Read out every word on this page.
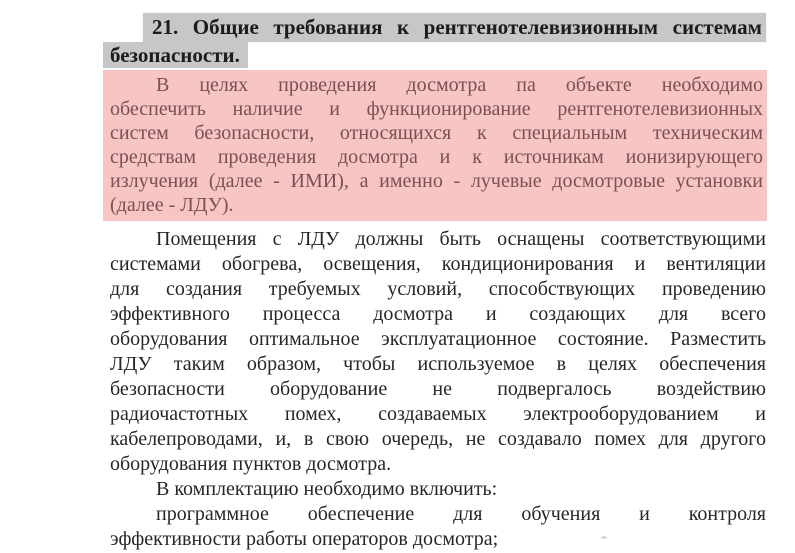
21. Общие требования к рентгенотелевизионным системам
безопасности.
В целях проведения досмотра па объекте необходимо
обеспечить наличие и функционирование рентгенотелевизионных
систем безопасности, относящихся к специальным техническим
средствам проведения досмотра и к источникам ионизирующего
излучения (далее - ИМИ), а именно - лучевые досмотровые установки
(далее - ЛДУ).
Помещения с ЛДУ должны быть оснащены соответствующими
системами обогрева, освещения, кондиционирования и вентиляции
для создания требуемых условий, способствующих проведению
эффективного процесса досмотра и создающих для всего
оборудования оптимальное эксплуатационное состояние. Разместить
ЛДУ таким образом, чтобы используемое в целях обеспечения
безопасности оборудование не подвергалось воздействию
радиочастотных помех, создаваемых электрооборудованием и
кабелепроводами, и, в свою очередь, не создавало помех для другого
оборудования пунктов досмотра.
В комплектацию необходимо включить:
программное обеспечение для обучения и контроля
эффективности работы операторов досмотра;
